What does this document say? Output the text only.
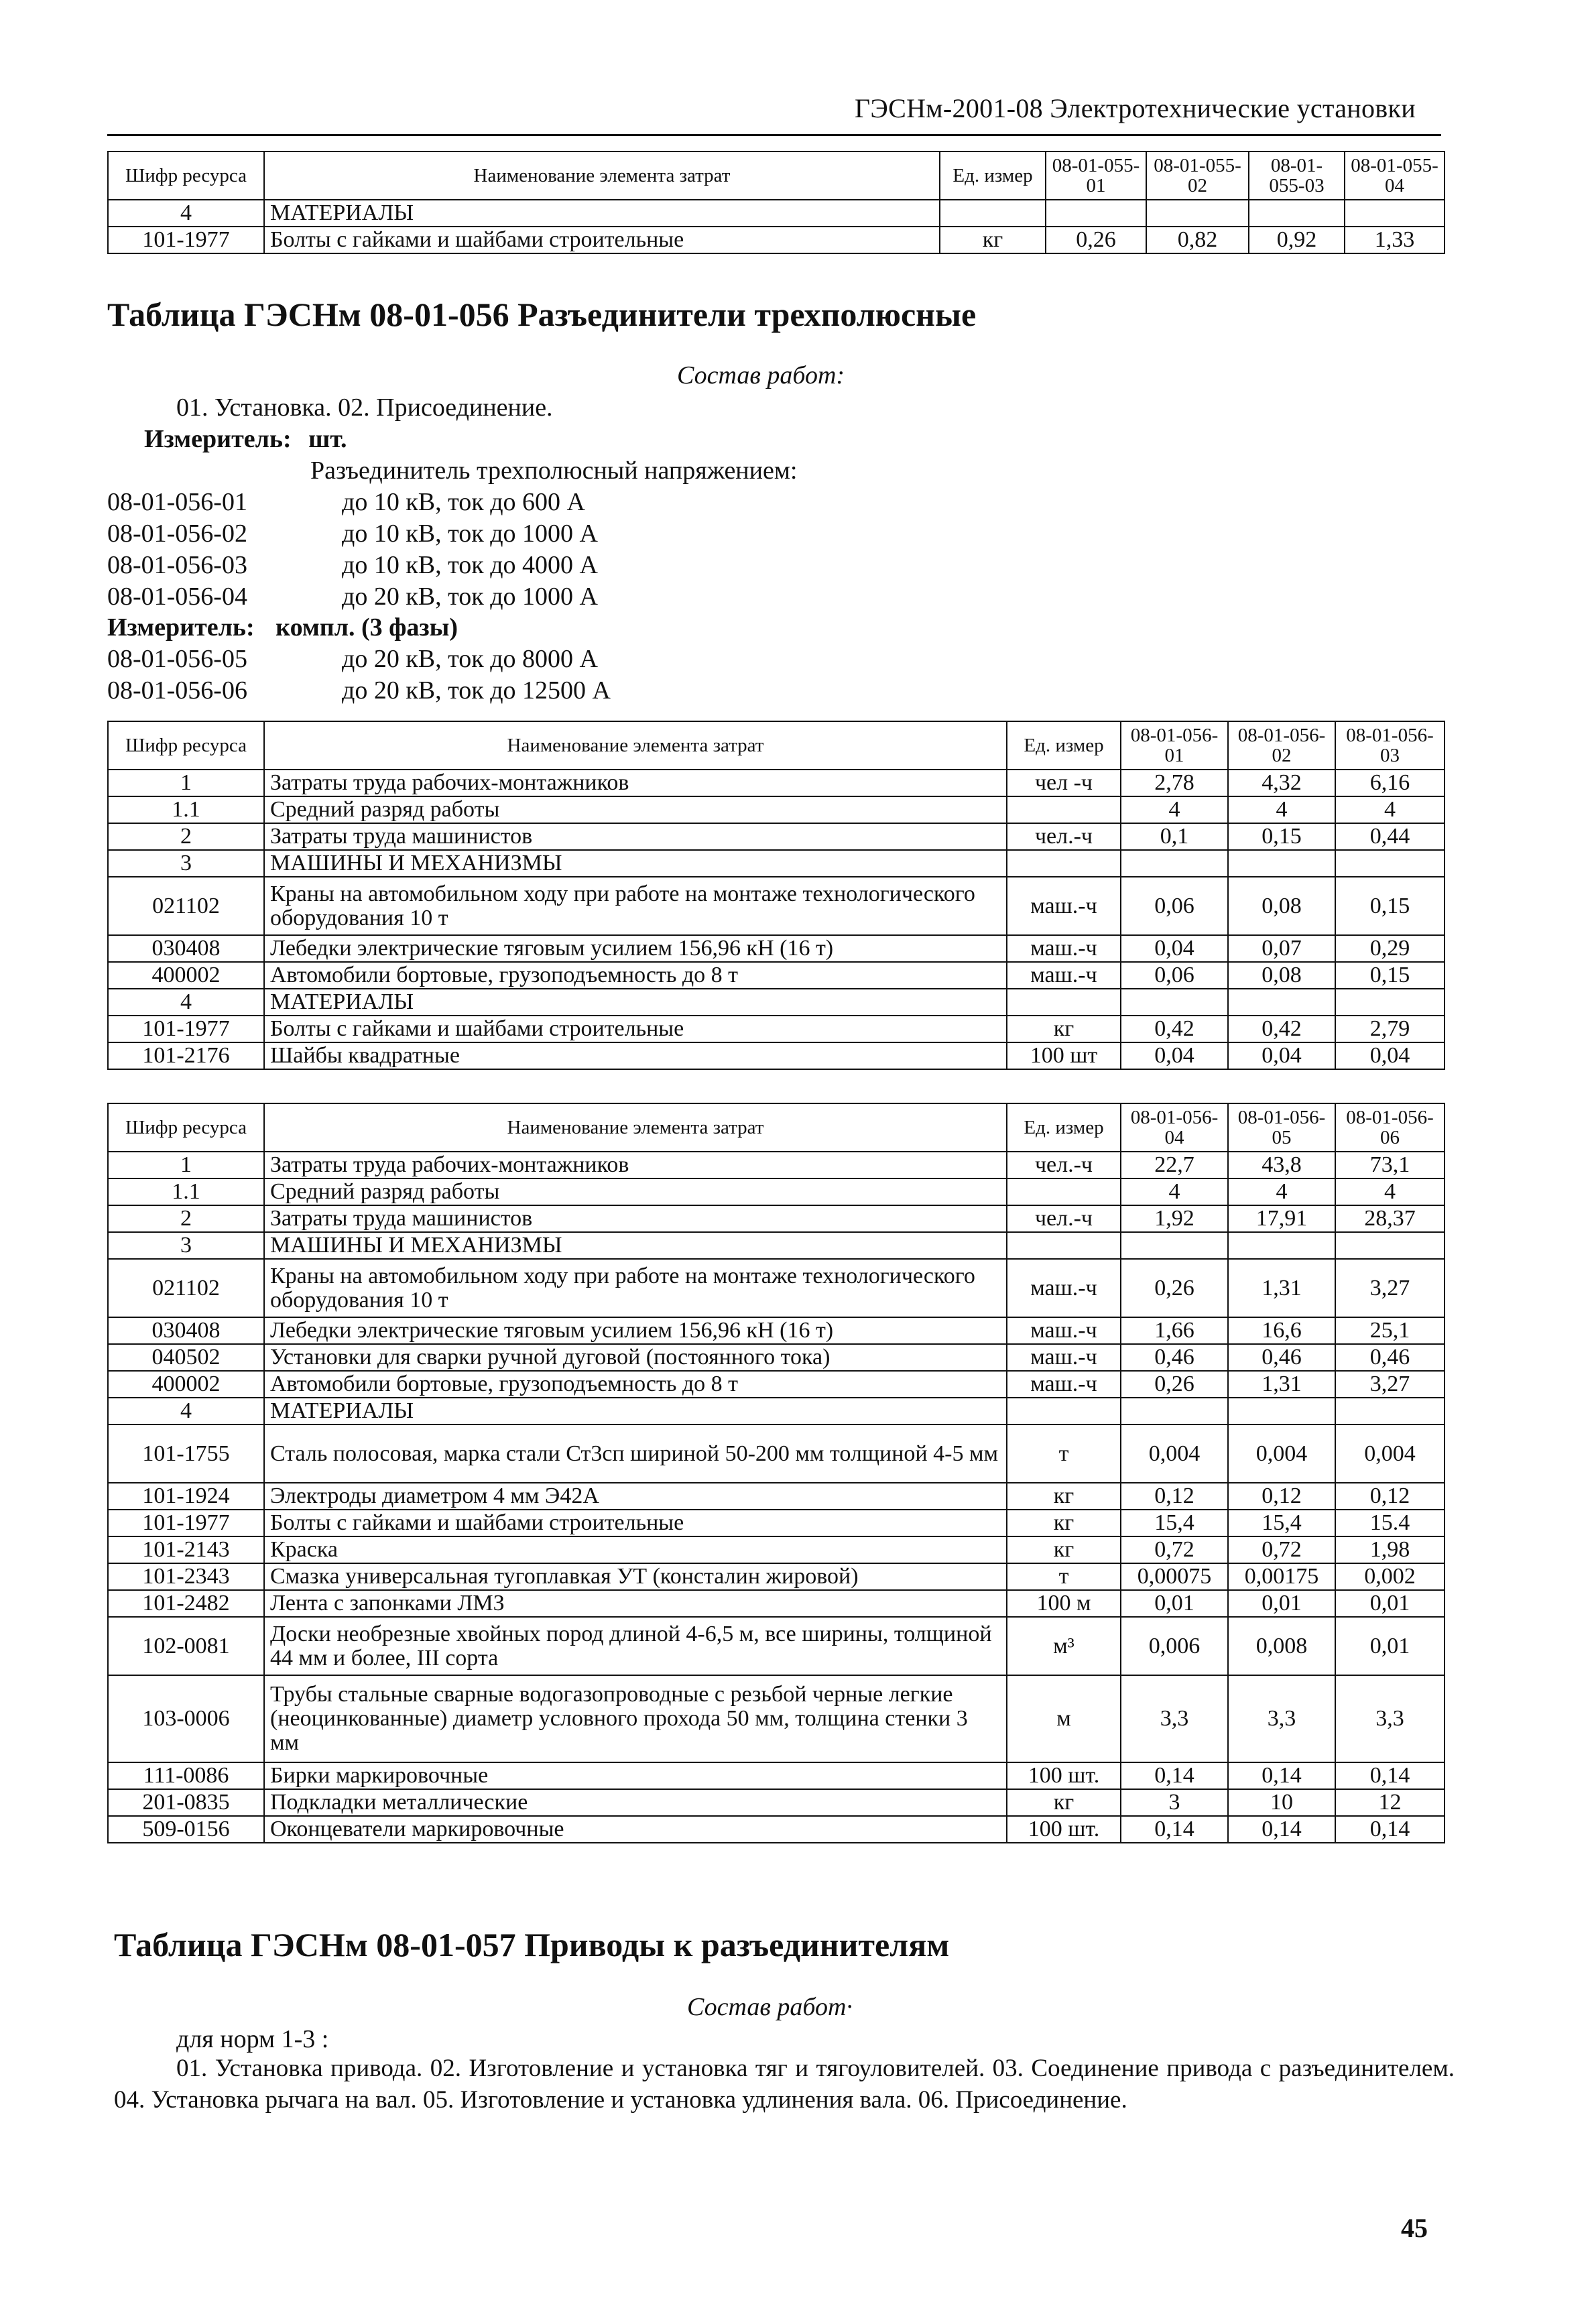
ГЭСНм-2001-08 Электротехнические установки
Шифр ресурса	Наименование элемента затрат	Ед. измер	08-01-055-01	08-01-055-02	08-01-055-03	08-01-055-04
4	МАТЕРИАЛЫ					
101-1977	Болты с гайками и шайбами строительные	кг	0,26	0,82	0,92	1,33
Таблица ГЭСНм 08-01-056 Разъединители трехполюсные
Состав работ:
01. Установка. 02. Присоединение.
Измеритель: шт.
Разъединитель трехполюсный напряжением:
08-01-056-01	до 10 кВ, ток до 600 А
08-01-056-02	до 10 кВ, ток до 1000 А
08-01-056-03	до 10 кВ, ток до 4000 А
08-01-056-04	до 20 кВ, ток до 1000 А
Измеритель: компл. (3 фазы)
08-01-056-05	до 20 кВ, ток до 8000 А
08-01-056-06	до 20 кВ, ток до 12500 А
Шифр ресурса	Наименование элемента затрат	Ед. измер	08-01-056-01	08-01-056-02	08-01-056-03
1	Затраты труда рабочих-монтажников	чел -ч	2,78	4,32	6,16
1.1	Средний разряд работы		4	4	4
2	Затраты труда машинистов	чел.-ч	0,1	0,15	0,44
3	МАШИНЫ И МЕХАНИЗМЫ				
021102	Краны на автомобильном ходу при работе на монтаже технологического оборудования 10 т	маш.-ч	0,06	0,08	0,15
030408	Лебедки электрические тяговым усилием 156,96 кН (16 т)	маш.-ч	0,04	0,07	0,29
400002	Автомобили бортовые, грузоподъемность до 8 т	маш.-ч	0,06	0,08	0,15
4	МАТЕРИАЛЫ				
101-1977	Болты с гайками и шайбами строительные	кг	0,42	0,42	2,79
101-2176	Шайбы квадратные	100 шт	0,04	0,04	0,04
Шифр ресурса	Наименование элемента затрат	Ед. измер	08-01-056-04	08-01-056-05	08-01-056-06
1	Затраты труда рабочих-монтажников	чел.-ч	22,7	43,8	73,1
1.1	Средний разряд работы		4	4	4
2	Затраты труда машинистов	чел.-ч	1,92	17,91	28,37
3	МАШИНЫ И МЕХАНИЗМЫ				
021102	Краны на автомобильном ходу при работе на монтаже технологического оборудования 10 т	маш.-ч	0,26	1,31	3,27
030408	Лебедки электрические тяговым усилием 156,96 кН (16 т)	маш.-ч	1,66	16,6	25,1
040502	Установки для сварки ручной дуговой (постоянного тока)	маш.-ч	0,46	0,46	0,46
400002	Автомобили бортовые, грузоподъемность до 8 т	маш.-ч	0,26	1,31	3,27
4	МАТЕРИАЛЫ				
101-1755	Сталь полосовая, марка стали Ст3сп шириной 50-200 мм толщиной 4-5 мм	т	0,004	0,004	0,004
101-1924	Электроды диаметром 4 мм Э42А	кг	0,12	0,12	0,12
101-1977	Болты с гайками и шайбами строительные	кг	15,4	15,4	15.4
101-2143	Краска	кг	0,72	0,72	1,98
101-2343	Смазка универсальная тугоплавкая УТ (консталин жировой)	т	0,00075	0,00175	0,002
101-2482	Лента с запонками ЛМЗ	100 м	0,01	0,01	0,01
102-0081	Доски необрезные хвойных пород длиной 4-6,5 м, все ширины, толщиной 44 мм и более, III сорта	м³	0,006	0,008	0,01
103-0006	Трубы стальные сварные водогазопроводные с резьбой черные легкие (неоцинкованные) диаметр условного прохода 50 мм, толщина стенки 3 мм	м	3,3	3,3	3,3
111-0086	Бирки маркировочные	100 шт.	0,14	0,14	0,14
201-0835	Подкладки металлические	кг	3	10	12
509-0156	Оконцеватели маркировочные	100 шт.	0,14	0,14	0,14
Таблица ГЭСНм 08-01-057 Приводы к разъединителям
Состав работ·
для норм 1-3 :
01. Установка привода. 02. Изготовление и установка тяг и тягоуловителей. 03. Соединение привода с разъединителем. 04. Установка рычага на вал. 05. Изготовление и установка удлинения вала. 06. Присоединение.
45
